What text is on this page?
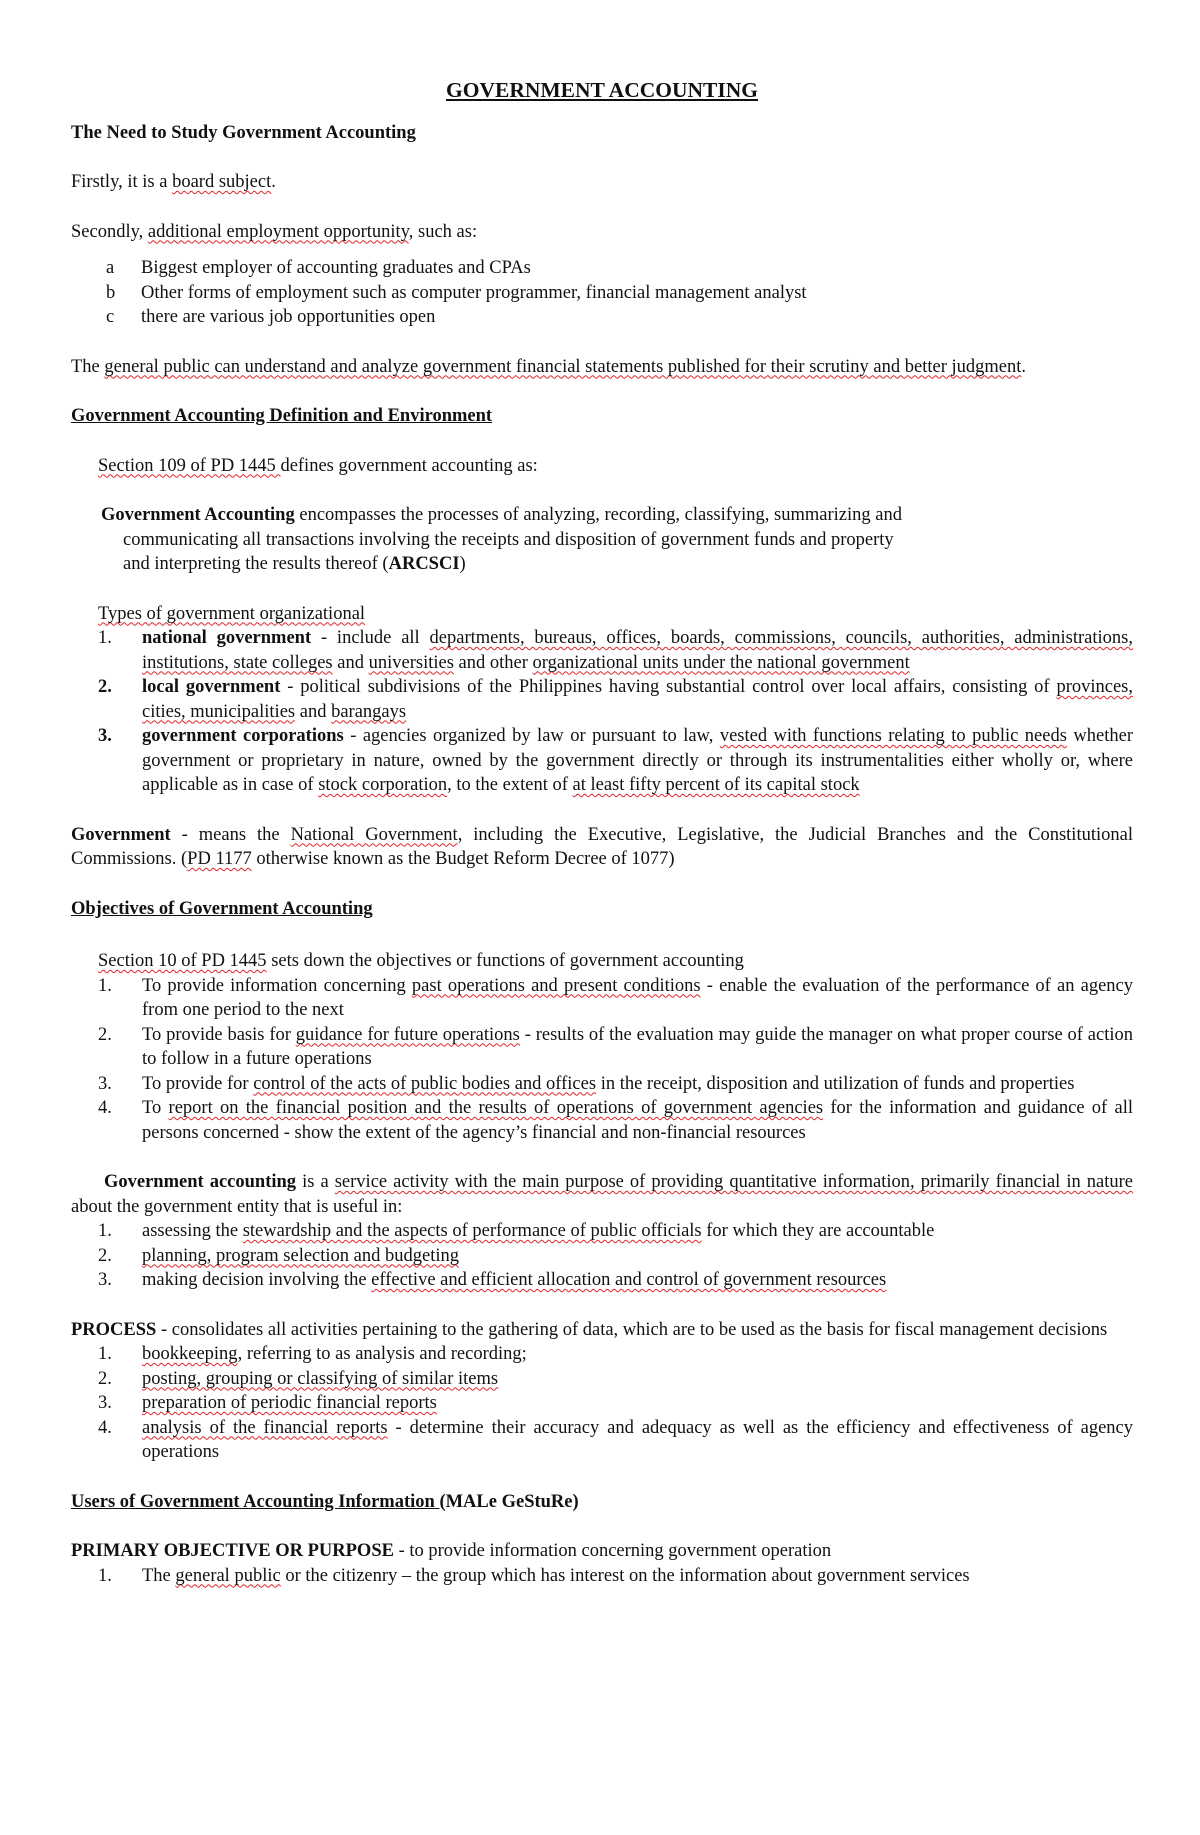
GOVERNMENT ACCOUNTING

The Need to Study Government Accounting

Firstly, it is a board subject.

Secondly, additional employment opportunity, such as:

a Biggest employer of accounting graduates and CPAs
b Other forms of employment such as computer programmer, financial management analyst
c there are various job opportunities open

The general public can understand and analyze government financial statements published for their scrutiny and better judgment.

Government Accounting Definition and Environment

Section 109 of PD 1445 defines government accounting as:

Government Accounting encompasses the processes of analyzing, recording, classifying, summarizing and
communicating all transactions involving the receipts and disposition of government funds and property
and interpreting the results thereof (ARCSCI)
Types of government organizational
1. national government - include all departments, bureaus, offices, boards, commissions, councils, authorities, administrations, institutions, state colleges and universities and other organizational units under the national government
2. local government - political subdivisions of the Philippines having substantial control over local affairs, consisting of provinces, cities, municipalities and barangays
3. government corporations - agencies organized by law or pursuant to law, vested with functions relating to public needs whether government or proprietary in nature, owned by the government directly or through its instrumentalities either wholly or, where applicable as in case of stock corporation, to the extent of at least fifty percent of its capital stock

Government - means the National Government, including the Executive, Legislative, the Judicial Branches and the Constitutional Commissions. (PD 1177 otherwise known as the Budget Reform Decree of 1077)

Objectives of Government Accounting

Section 10 of PD 1445 sets down the objectives or functions of government accounting
1. To provide information concerning past operations and present conditions - enable the evaluation of the performance of an agency from one period to the next
2. To provide basis for guidance for future operations - results of the evaluation may guide the manager on what proper course of action to follow in a future operations
3. To provide for control of the acts of public bodies and offices in the receipt, disposition and utilization of funds and properties
4. To report on the financial position and the results of operations of government agencies for the information and guidance of all persons concerned - show the extent of the agency’s financial and non-financial resources
Government accounting is a service activity with the main purpose of providing quantitative information, primarily financial in nature about the government entity that is useful in:
1. assessing the stewardship and the aspects of performance of public officials for which they are accountable
2. planning, program selection and budgeting
3. making decision involving the effective and efficient allocation and control of government resources
PROCESS - consolidates all activities pertaining to the gathering of data, which are to be used as the basis for fiscal management decisions
1. bookkeeping, referring to as analysis and recording;
2. posting, grouping or classifying of similar items
3. preparation of periodic financial reports
4. analysis of the financial reports - determine their accuracy and adequacy as well as the efficiency and effectiveness of agency operations

Users of Government Accounting Information (MALe GeStuRe)

PRIMARY OBJECTIVE OR PURPOSE - to provide information concerning government operation
1. The general public or the citizenry – the group which has interest on the information about government services
